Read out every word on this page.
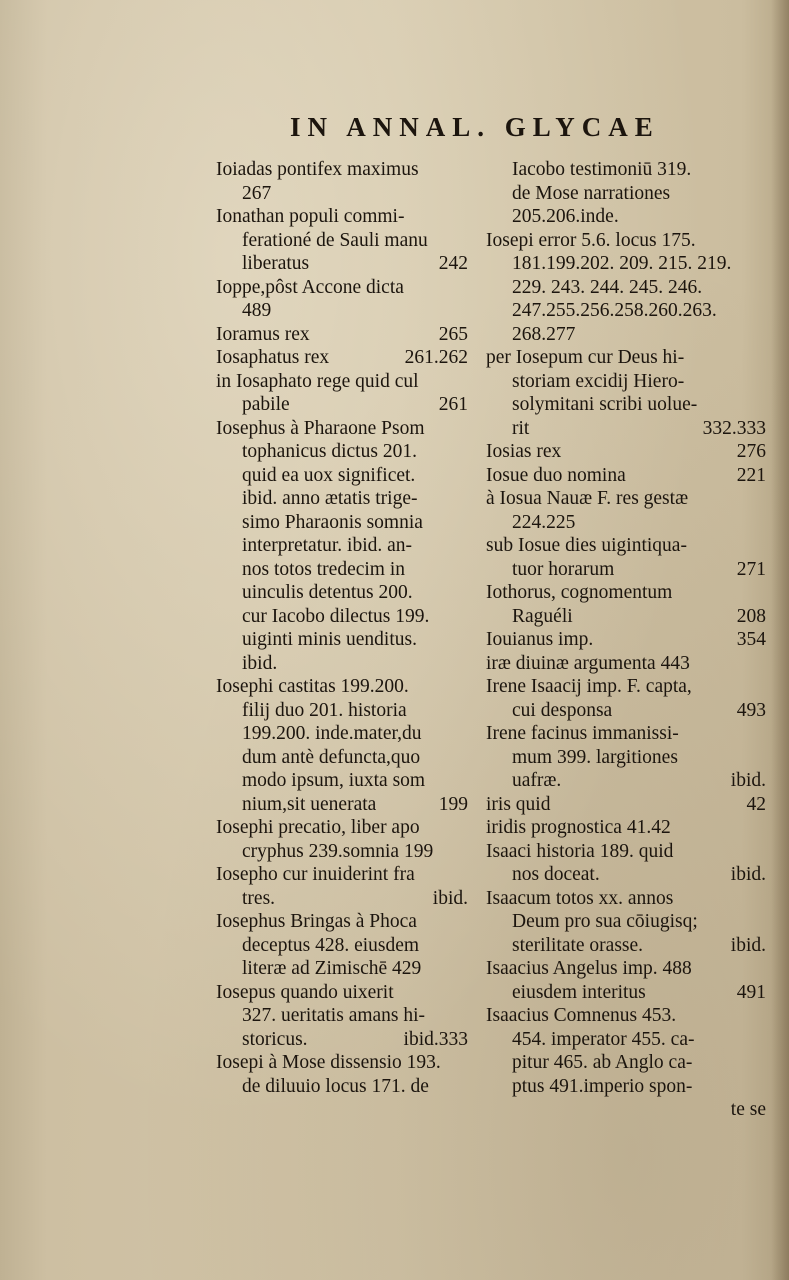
IN ANNAL. GLYCAE
Ioiadas pontifex maximus
267
Ionathan populi commi-
ferationé de Sauli manu
liberatus	242
Ioppe,pôst Accone dicta
489
Ioramus rex	265
Iosaphatus rex	261.262
in Iosaphato rege quid cul
pabile	261
Iosephus à Pharaone Psom
tophanicus dictus 201.
quid ea uox significet.
ibid. anno ætatis trige-
simo Pharaonis somnia
interpretatur. ibid. an-
nos totos tredecim in
uinculis detentus 200.
cur Iacobo dilectus 199.
uiginti minis uenditus.
ibid.
Iosephi castitas 199.200.
filij duo 201. historia
199.200. inde.mater,du
dum antè defuncta,quo
modo ipsum, iuxta som
nium,sit uenerata	199
Iosephi precatio, liber apo
cryphus 239.somnia 199
Iosepho cur inuiderint fra
tres.	ibid.
Iosephus Bringas à Phoca
deceptus 428. eiusdem
literæ ad Zimischē 429
Iosepus quando uixerit
327. ueritatis amans hi-
storicus.	ibid.333
Iosepi à Mose dissensio 193.
de diluuio locus 171. de
Iacobo testimoniū 319.
de Mose narrationes
205.206.inde.
Iosepi error 5.6. locus 175.
181.199.202. 209. 215. 219.
229. 243. 244. 245. 246.
247.255.256.258.260.263.
268.277
per Iosepum cur Deus hi-
storiam excidij Hiero-
solymitani scribi uolue-
rit	332.333
Iosias rex	276
Iosue duo nomina	221
à Iosua Nauæ F. res gestæ
224.225
sub Iosue dies uigintiqua-
tuor horarum	271
Iothorus, cognomentum
Raguéli	208
Iouianus imp.	354
iræ diuinæ argumenta 443
Irene Isaacij imp. F. capta,
cui desponsa	493
Irene facinus immanissi-
mum 399. largitiones
uafræ.	ibid.
iris quid	42
iridis prognostica 41.42
Isaaci historia 189. quid
nos doceat.	ibid.
Isaacum totos xx. annos
Deum pro sua cōiugisq;
sterilitate orasse.	ibid.
Isaacius Angelus imp. 488
eiusdem interitus	491
Isaacius Comnenus 453.
454. imperator 455. ca-
pitur 465. ab Anglo ca-
ptus 491.imperio spon-
te se
